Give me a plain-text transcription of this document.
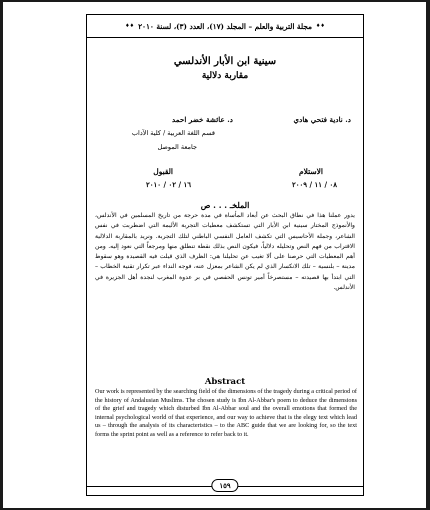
♦♦
مجلة التربية والعلم – المجلد (١٧)، العدد (٣)، لسنة ٢٠١٠
♦♦
سينية ابن الأبار الأندلسي
مقاربة دلالية
د. نادية فتحي هادي
د. عائشة خضر احمد
قسم اللغة العربية / كلية الآداب
جامعة الموصل
الاستلام
٠٨ / ١١ / ٢٠٠٩
القبول
١٦ / ٠٢ / ٢٠١٠
الملخـ . . . ص
يدور عملنا هذا في نطاق البحث عن أبعاد المأساة في مدة حرجة من تاريخ المسلمين في الأندلس، والأنموذج المختار سينية ابن الأبار التي تستكشف معطيات التجربة الأليمة التي اضطربت في نفس الشاعر، وجملة الأحاسيس التي تكشف العامل النفسي الباطني لتلك التجربة. ونريد بالمقاربة الدلالية الاقتراب من فهم النص وتحليله دلالياً، فيكون النص بذلك نقطة تنطلق منها ومرجعاً التي نعود إليه. ومن أهم المعطيات التي حرصنا على ألا تغيب عن تحليلنا هي: الظرف الذي قيلت فيه القصيدة وهو سقوط مدينة – بلنسية – تلك الانكسار الذي لم يكن الشاعر بمعزل عنه، فوجه النداء عبر تكرار تقنية الخطاب – التي ابتدأ بها قصيدته – مستصرخاً أمير تونس الحفصي في بر عدوة المغرب لنجدة أهل الجزيرة في الأندلس.
Abstract
Our work is represented by the searching field of the dimensions of the tragedy during a critical period of the history of Andalusian Muslims. The chosen study is Ibn Al-Abbar's poem to deduce the dimensions of the grief and tragedy which disturbed Ibn Al-Abbar soul and the overall emotions that formed the internal psychological world of that experience, and our way to achieve that is the elegy text which lead us – through the analysis of its characteristics – to the ABC guide that we are looking for, so the text forms the sprint point as well as a reference to refer back to it.
١٥٩
